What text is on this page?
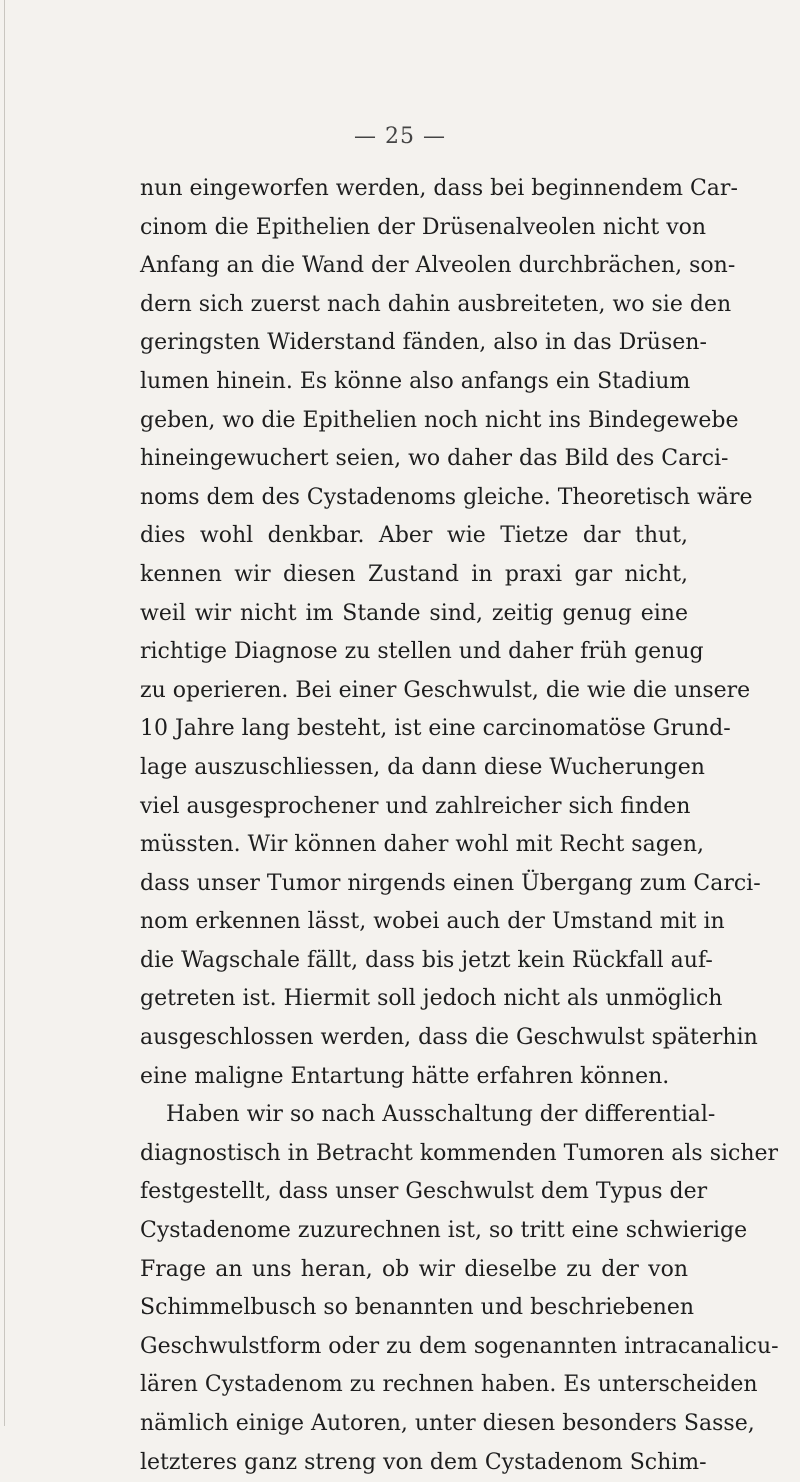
— 25 —
nun eingeworfen werden, dass bei beginnendem Car-
cinom die Epithelien der Drüsenalveolen nicht von
Anfang an die Wand der Alveolen durchbrächen, son-
dern sich zuerst nach dahin ausbreiteten, wo sie den
geringsten Widerstand fänden, also in das Drüsen-
lumen hinein. Es könne also anfangs ein Stadium
geben, wo die Epithelien noch nicht ins Bindegewebe
hineingewuchert seien, wo daher das Bild des Carci-
noms dem des Cystadenoms gleiche. Theoretisch wäre
dies wohl denkbar. Aber wie Tietze dar thut,
kennen wir diesen Zustand in praxi gar nicht,
weil wir nicht im Stande sind, zeitig genug eine
richtige Diagnose zu stellen und daher früh genug
zu operieren. Bei einer Geschwulst, die wie die unsere
10 Jahre lang besteht, ist eine carcinomatöse Grund-
lage auszuschliessen, da dann diese Wucherungen
viel ausgesprochener und zahlreicher sich finden
müssten. Wir können daher wohl mit Recht sagen,
dass unser Tumor nirgends einen Übergang zum Carci-
nom erkennen lässt, wobei auch der Umstand mit in
die Wagschale fällt, dass bis jetzt kein Rückfall auf-
getreten ist. Hiermit soll jedoch nicht als unmöglich
ausgeschlossen werden, dass die Geschwulst späterhin
eine maligne Entartung hätte erfahren können.
Haben wir so nach Ausschaltung der differential-
diagnostisch in Betracht kommenden Tumoren als sicher
festgestellt, dass unser Geschwulst dem Typus der
Cystadenome zuzurechnen ist, so tritt eine schwierige
Frage an uns heran, ob wir dieselbe zu der von
Schimmelbusch so benannten und beschriebenen
Geschwulstform oder zu dem sogenannten intracanalicu-
lären Cystadenom zu rechnen haben. Es unterscheiden
nämlich einige Autoren, unter diesen besonders Sasse,
letzteres ganz streng von dem Cystadenom Schim-
